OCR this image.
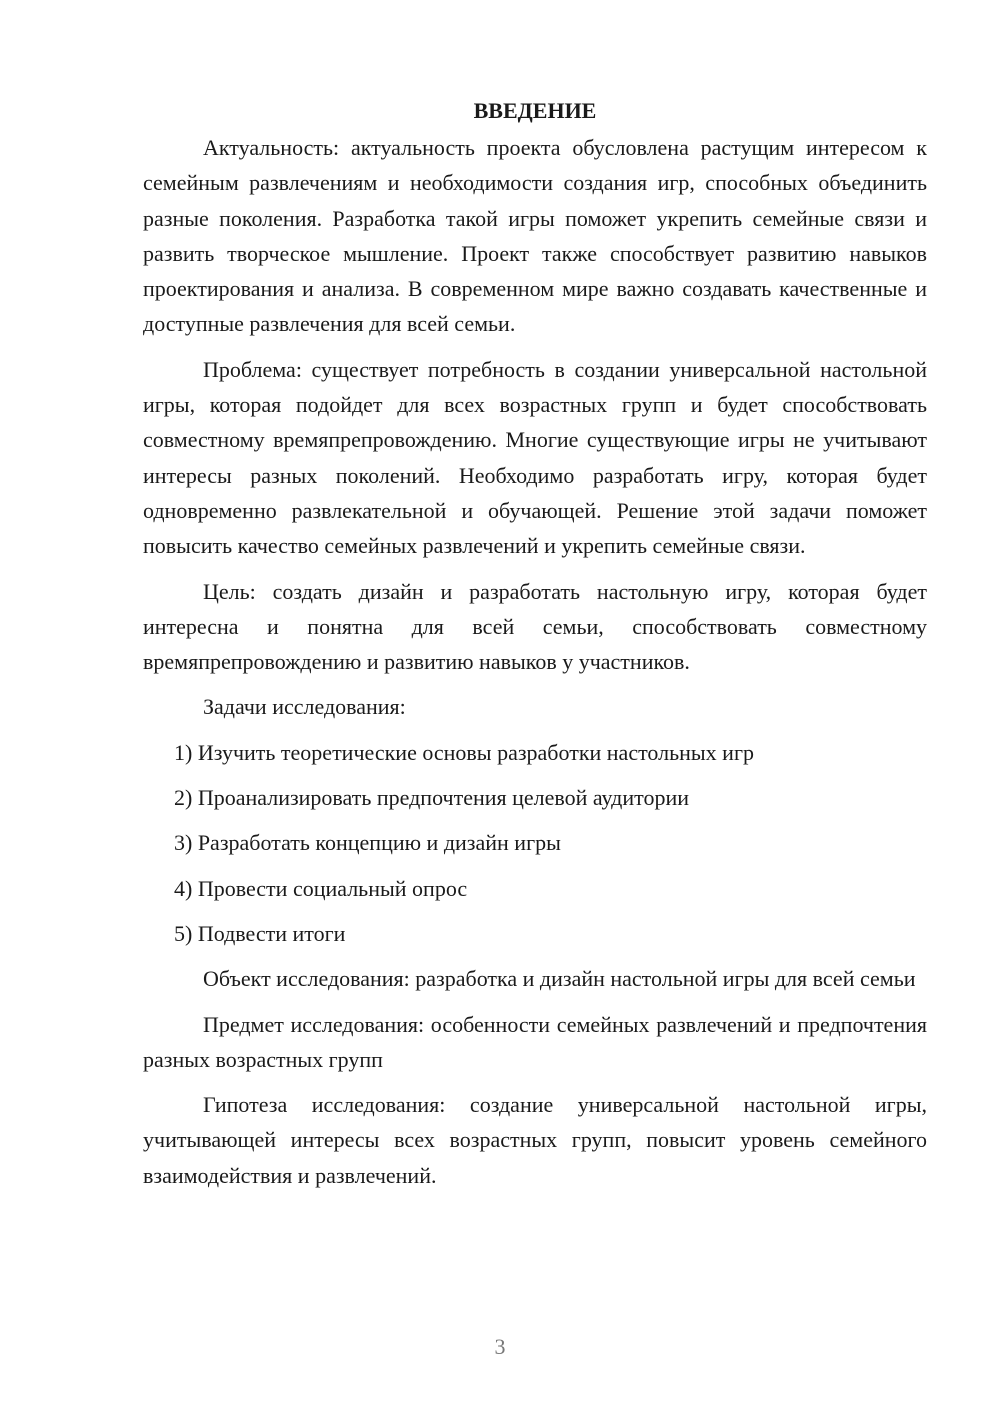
ВВЕДЕНИЕ

Актуальность: актуальность проекта обусловлена растущим интересом к семейным развлечениям и необходимости создания игр, способных объединить разные поколения. Разработка такой игры поможет укрепить семейные связи и развить творческое мышление. Проект также способствует развитию навыков проектирования и анализа. В современном мире важно создавать качественные и доступные развлечения для всей семьи.

Проблема: существует потребность в создании универсальной настольной игры, которая подойдет для всех возрастных групп и будет способствовать совместному времяпрепровождению. Многие существующие игры не учитывают интересы разных поколений. Необходимо разработать игру, которая будет одновременно развлекательной и обучающей. Решение этой задачи поможет повысить качество семейных развлечений и укрепить семейные связи.

Цель: создать дизайн и разработать настольную игру, которая будет интересна и понятна для всей семьи, способствовать совместному времяпрепровождению и развитию навыков у участников.

Задачи исследования:

1) Изучить теоретические основы разработки настольных игр
2) Проанализировать предпочтения целевой аудитории
3) Разработать концепцию и дизайн игры
4) Провести социальный опрос
5) Подвести итоги

Объект исследования: разработка и дизайн настольной игры для всей семьи

Предмет исследования: особенности семейных развлечений и предпочтения разных возрастных групп

Гипотеза исследования: создание универсальной настольной игры, учитывающей интересы всех возрастных групп, повысит уровень семейного взаимодействия и развлечений.

3
